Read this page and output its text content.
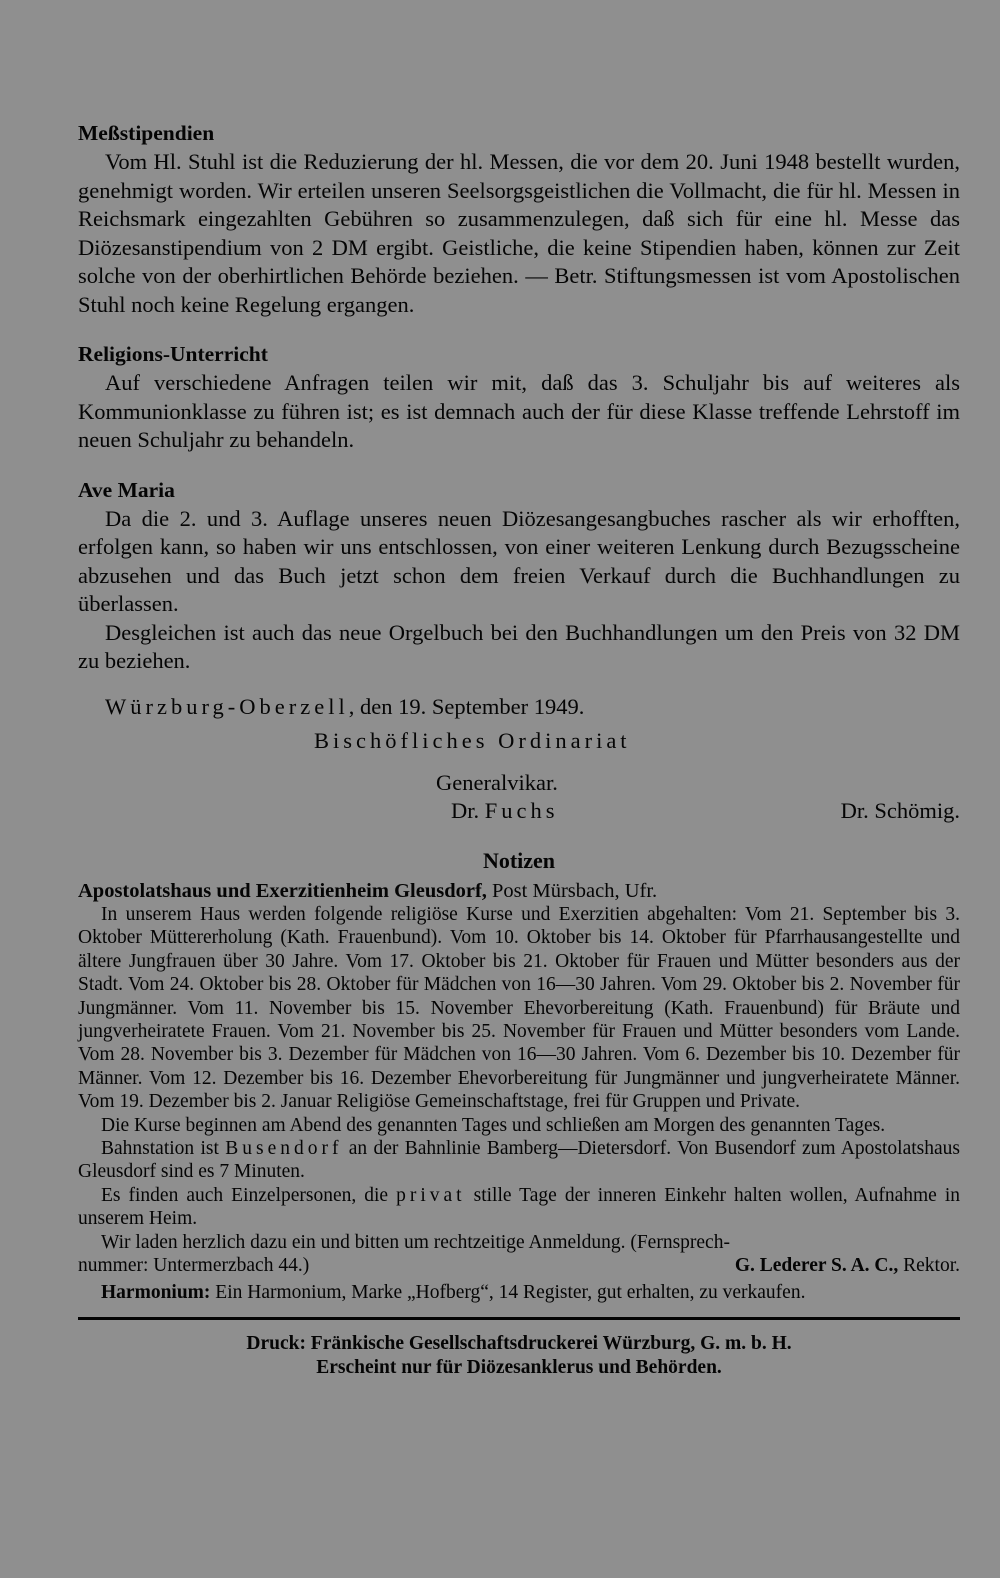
Meßstipendien

Vom Hl. Stuhl ist die Reduzierung der hl. Messen, die vor dem 20. Juni 1948 bestellt wurden, genehmigt worden. Wir erteilen unseren Seelsorgsgeistlichen die Vollmacht, die für hl. Messen in Reichsmark eingezahlten Gebühren so zusammenzulegen, daß sich für eine hl. Messe das Diözesanstipendium von 2 DM ergibt. Geistliche, die keine Stipendien haben, können zur Zeit solche von der oberhirtlichen Behörde beziehen. — Betr. Stiftungsmessen ist vom Apostolischen Stuhl noch keine Regelung ergangen.

Religions-Unterricht

Auf verschiedene Anfragen teilen wir mit, daß das 3. Schuljahr bis auf weiteres als Kommunionklasse zu führen ist; es ist demnach auch der für diese Klasse treffende Lehrstoff im neuen Schuljahr zu behandeln.

Ave Maria

Da die 2. und 3. Auflage unseres neuen Diözesangesangbuches rascher als wir erhofften, erfolgen kann, so haben wir uns entschlossen, von einer weiteren Lenkung durch Bezugsscheine abzusehen und das Buch jetzt schon dem freien Verkauf durch die Buchhandlungen zu überlassen.

Desgleichen ist auch das neue Orgelbuch bei den Buchhandlungen um den Preis von 32 DM zu beziehen.

Würzburg-Oberzell, den 19. September 1949.
Bischöfliches Ordinariat
Generalvikar.
Dr. Fuchs	Dr. Schömig.
Notizen

Apostolatshaus und Exerzitienheim Gleusdorf, Post Mürsbach, Ufr.

In unserem Haus werden folgende religiöse Kurse und Exerzitien abgehalten: Vom 21. September bis 3. Oktober Müttererholung (Kath. Frauenbund). Vom 10. Oktober bis 14. Oktober für Pfarrhausangestellte und ältere Jungfrauen über 30 Jahre. Vom 17. Oktober bis 21. Oktober für Frauen und Mütter besonders aus der Stadt. Vom 24. Oktober bis 28. Oktober für Mädchen von 16—30 Jahren. Vom 29. Oktober bis 2. November für Jungmänner. Vom 11. November bis 15. November Ehevorbereitung (Kath. Frauenbund) für Bräute und jungverheiratete Frauen. Vom 21. November bis 25. November für Frauen und Mütter besonders vom Lande. Vom 28. November bis 3. Dezember für Mädchen von 16—30 Jahren. Vom 6. Dezember bis 10. Dezember für Männer. Vom 12. Dezember bis 16. Dezember Ehevorbereitung für Jungmänner und jungverheiratete Männer. Vom 19. Dezember bis 2. Januar Religiöse Gemeinschaftstage, frei für Gruppen und Private.

Die Kurse beginnen am Abend des genannten Tages und schließen am Morgen des genannten Tages.

Bahnstation ist Busendorf an der Bahnlinie Bamberg—Dietersdorf. Von Busendorf zum Apostolatshaus Gleusdorf sind es 7 Minuten.

Es finden auch Einzelpersonen, die privat stille Tage der inneren Einkehr halten wollen, Aufnahme in unserem Heim.

Wir laden herzlich dazu ein und bitten um rechtzeitige Anmeldung. (Fernsprech-

nummer: Untermerzbach 44.)	G. Lederer S. A. C., Rektor.

Harmonium: Ein Harmonium, Marke „Hofberg“, 14 Register, gut erhalten, zu verkaufen.

Druck: Fränkische Gesellschaftsdruckerei Würzburg, G. m. b. H.
Erscheint nur für Diözesanklerus und Behörden.
